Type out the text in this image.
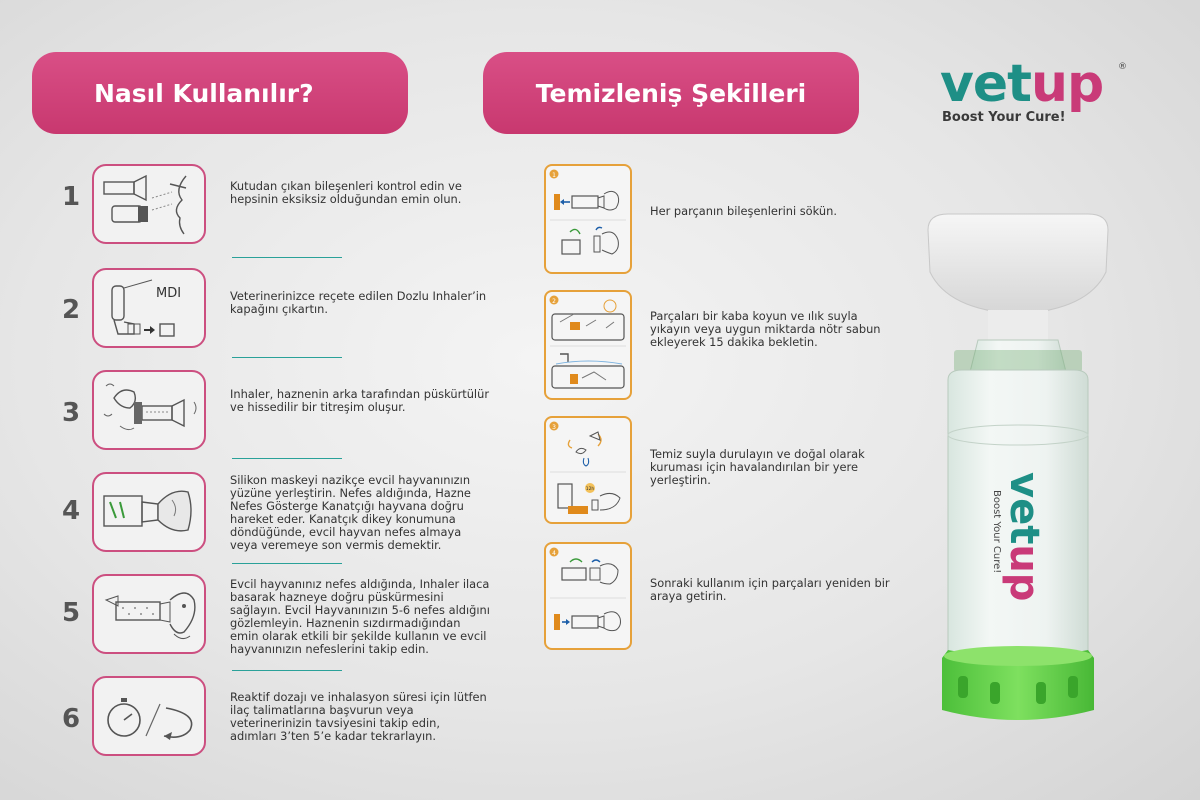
Nasıl Kullanılır?	Temizleniş Şekilleri	vetup	®
Boost Your Cure!
1	Kutudan çıkan bileşenleri kontrol edin ve hepsinin eksiksiz olduğundan emin olun.
2
MDI	Veterinerinizce reçete edilen Dozlu Inhaler’in kapağını çıkartın.
3
Inhaler, haznenin arka tarafından püskürtülür ve hissedilir bir titreşim oluşur.
4
Silikon maskeyi nazikçe evcil hayvanınızın yüzüne yerleştirin. Nefes aldığında, Hazne Nefes Gösterge Kanatçığı hayvana doğru hareket eder. Kanatçık dikey konumuna döndüğünde, evcil hayvan nefes almaya veya veremeye son vermis demektir.
5
Evcil hayvanınız nefes aldığında, Inhaler ilaca basarak hazneye doğru püskürmesini sağlayın. Evcil Hayvanınızın 5-6 nefes aldığını gözlemleyin. Haznenin sızdırmadığından emin olarak etkili bir şekilde kullanın ve evcil hayvanınızın nefeslerini takip edin.
6
Reaktif dozajı ve inhalasyon süresi için lütfen ilaç talimatlarına başvurun veya veterinerinizin tavsiyesini takip edin, adımları 3’ten 5’e kadar tekrarlayın.
1
Her parçanın bileşenlerini sökün.
2
Parçaları bir kaba koyun ve ılık suyla yıkayın veya uygun miktarda nötr sabun ekleyerek 15 dakika bekletin.
3
12h
Temiz suyla durulayın ve doğal olarak kuruması için havalandırılan bir yere yerleştirin.
4
Sonraki kullanım için parçaları yeniden bir araya getirin.
vetup
Boost Your Cure!
